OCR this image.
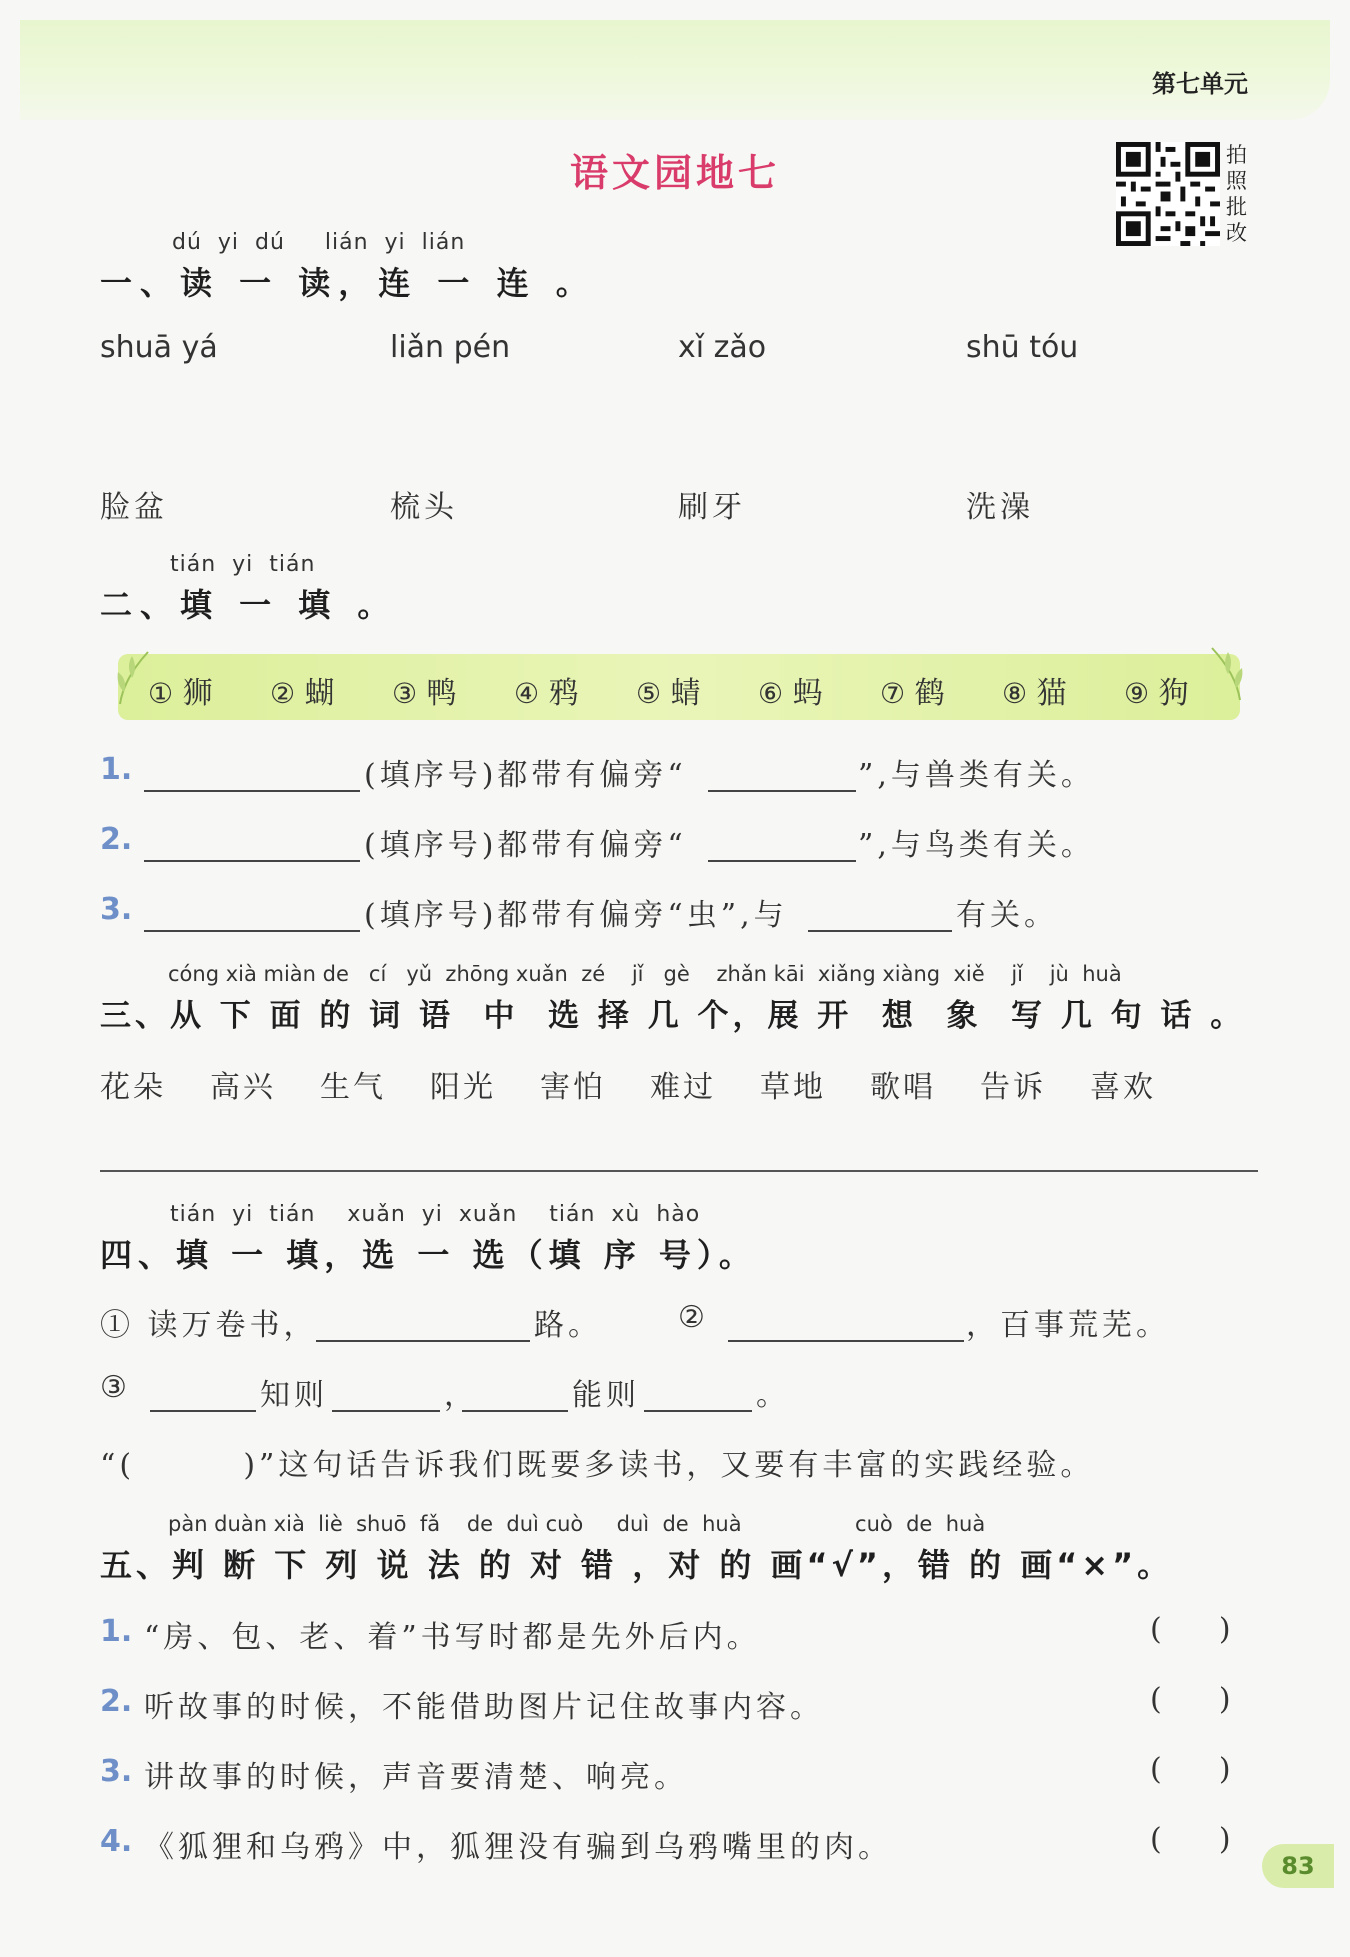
第七单元
语文园地七	拍
照
批
改
dú  yi  dú     lián  yi  lián
一、读 一 读，连 一 连 。
shuā yá	liǎn pén	xǐ zǎo	shū tóu
脸盆	梳头	刷牙	洗澡
tián  yi  tián
二、填 一 填 。
① 狮 ② 蝴 ③ 鸭 ④ 鸦 ⑤ 蜻 ⑥ 蚂 ⑦ 鹤 ⑧ 猫 ⑨ 狗
1.	(填序号)都带有偏旁“	”,与兽类有关。
2.	(填序号)都带有偏旁“	”,与鸟类有关。
3.	(填序号)都带有偏旁“虫”,与	有关。
cóng xià miàn de   cí   yǔ  zhōng xuǎn  zé    jǐ   gè    zhǎn kāi  xiǎng xiàng  xiě    jǐ    jù  huà
三、从 下 面 的 词 语  中  选 择 几 个，展 开  想  象  写 几 句 话 。
花朵 高兴 生气 阳光 害怕 难过 草地 歌唱 告诉 喜欢
tián  yi  tián    xuǎn  yi  xuǎn    tián  xù  hào
四、填 一 填，选 一 选（填 序 号）。
① 读万卷书，	路。	②	，百事荒芜。
③	知则	，	能则	。
“(        )”这句话告诉我们既要多读书，又要有丰富的实践经验。
pàn duàn xià  liè  shuō  fǎ    de  duì cuò     duì  de  huà                 cuò  de  huà
五、判 断 下 列 说 法 的 对 错 ，对 的 画“√”，错 的 画“×”。
1. “房、包、老、着”书写时都是先外后内。	(      )
2. 听故事的时候，不能借助图片记住故事内容。	(      )
3. 讲故事的时候，声音要清楚、响亮。	(      )
4. 《狐狸和乌鸦》中，狐狸没有骗到乌鸦嘴里的肉。	(      )
83
